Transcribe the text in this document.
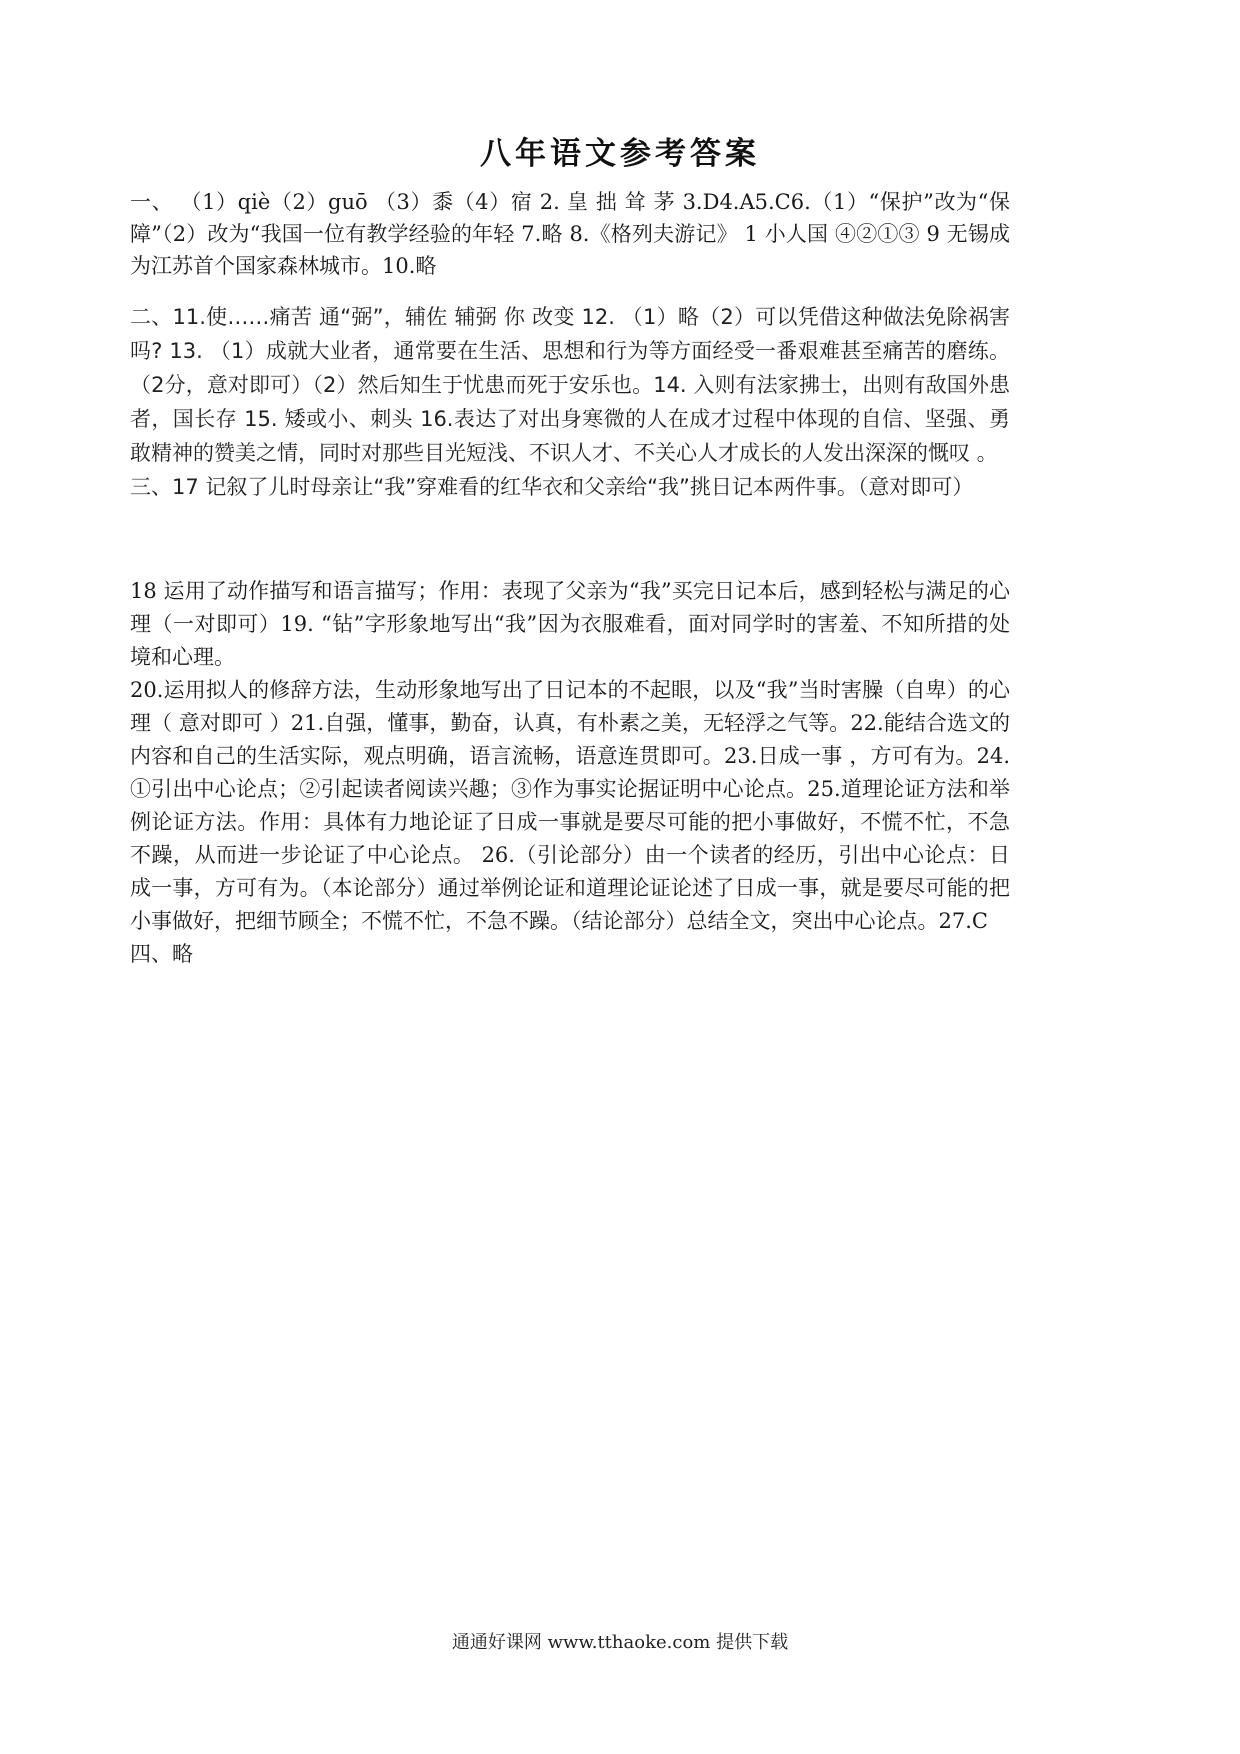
八年语文参考答案
一、 （1）qiè（2）guō （3）黍（4）宿 2. 皇 拙 耸 茅 3.D4.A5.C6.（1）“保护”改为“保障”（2）改为“我国一位有教学经验的年轻 7.略 8.《格列夫游记》 1 小人国 ④②①③ 9 无锡成为江苏首个国家森林城市。10.略

二、11.使……痛苦 通“弼”，辅佐 辅弼 你 改变 12. （1）略（2）可以凭借这种做法免除祸害吗? 13. （1）成就大业者，通常要在生活、思想和行为等方面经受一番艰难甚至痛苦的磨练。（2分，意对即可）（2）然后知生于忧患而死于安乐也。14. 入则有法家拂士，出则有敌国外患者，国长存 15. 矮或小、刺头 16.表达了对出身寒微的人在成才过程中体现的自信、坚强、勇敢精神的赞美之情，同时对那些目光短浅、不识人才、不关心人才成长的人发出深深的慨叹 。

三、17 记叙了儿时母亲让“我”穿难看的红华衣和父亲给“我”挑日记本两件事。（意对即可）

18 运用了动作描写和语言描写；作用：表现了父亲为“我”买完日记本后，感到轻松与满足的心理（一对即可）19. “钻”字形象地写出“我”因为衣服难看，面对同学时的害羞、不知所措的处境和心理。

20.运用拟人的修辞方法，生动形象地写出了日记本的不起眼，以及“我”当时害臊（自卑）的心理（ 意对即可 ）21.自强，懂事，勤奋，认真，有朴素之美，无轻浮之气等。22.能结合选文的内容和自己的生活实际，观点明确，语言流畅，语意连贯即可。23.日成一事 ，方可有为。24. ①引出中心论点；②引起读者阅读兴趣；③作为事实论据证明中心论点。25.道理论证方法和举例论证方法。作用：具体有力地论证了日成一事就是要尽可能的把小事做好，不慌不忙，不急不躁，从而进一步论证了中心论点。 26.（引论部分）由一个读者的经历，引出中心论点：日成一事，方可有为。（本论部分）通过举例论证和道理论证论述了日成一事，就是要尽可能的把小事做好，把细节顾全；不慌不忙，不急不躁。（结论部分）总结全文，突出中心论点。27.C

四、略

通通好课网 www.tthaoke.com 提供下载
